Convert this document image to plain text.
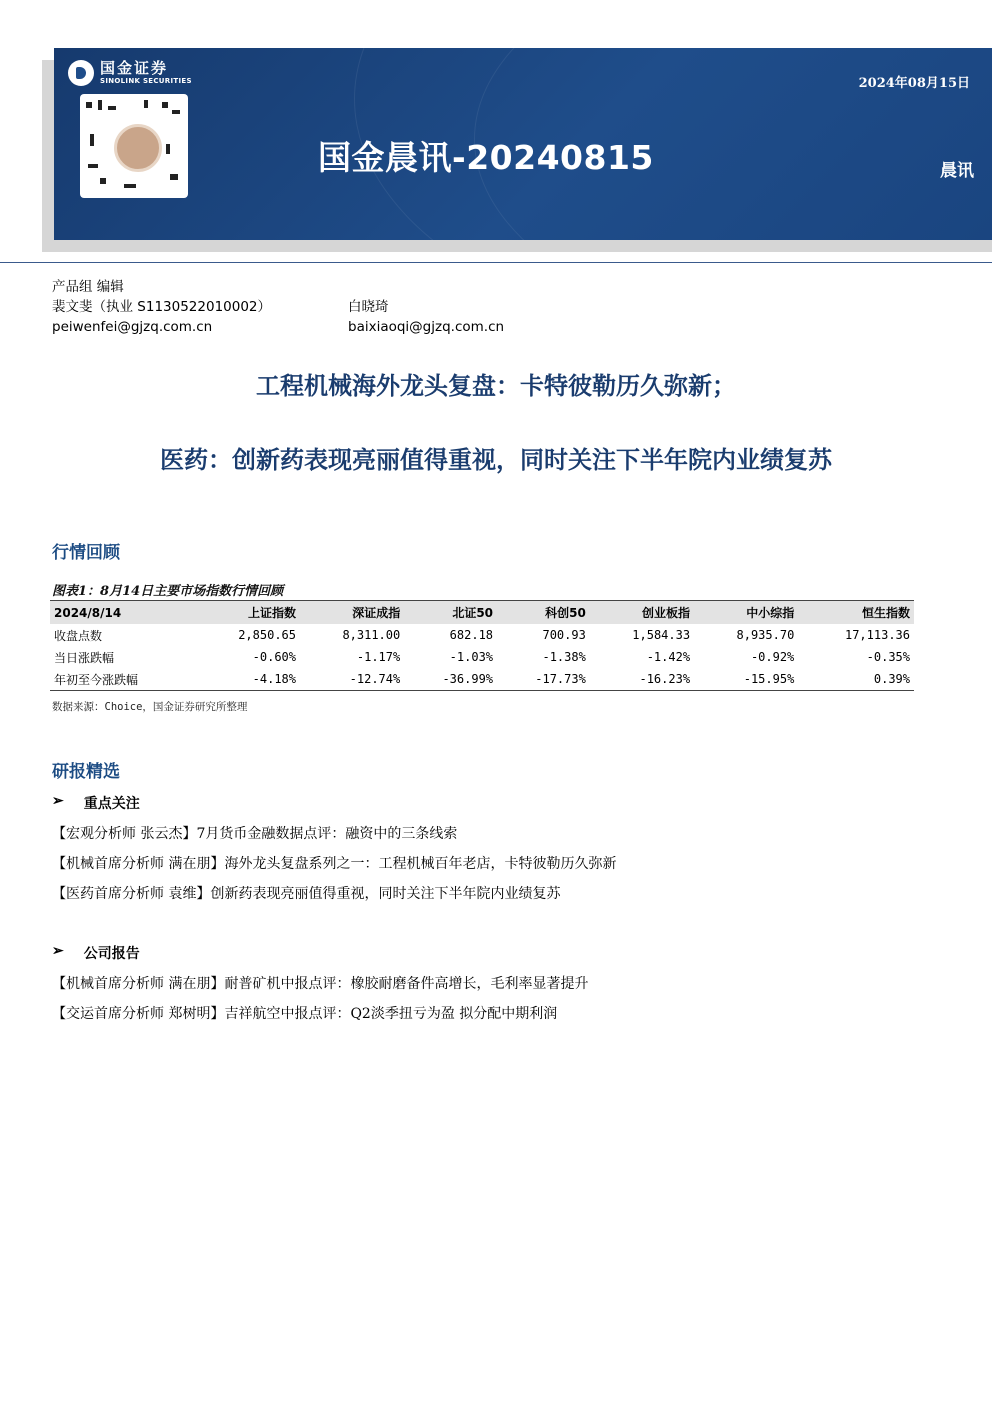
国金证券
SINOLINK SECURITIES	2024年08月15日
国金晨讯-20240815	晨讯
产品组 编辑
裴文斐（执业 S1130522010002）	白晓琦
peiwenfei@gjzq.com.cn	baixiaoqi@gjzq.com.cn
工程机械海外龙头复盘：卡特彼勒历久弥新；
医药：创新药表现亮丽值得重视，同时关注下半年院内业绩复苏
行情回顾
图表1：8月14日主要市场指数行情回顾
2024/8/14	上证指数	深证成指	北证50	科创50	创业板指	中小综指	恒生指数
收盘点数	2,850.65	8,311.00	682.18	700.93	1,584.33	8,935.70	17,113.36
当日涨跌幅	-0.60%	-1.17%	-1.03%	-1.38%	-1.42%	-0.92%	-0.35%
年初至今涨跌幅	-4.18%	-12.74%	-36.99%	-17.73%	-16.23%	-15.95%	0.39%
数据来源：Choice，国金证券研究所整理
研报精选
➢ 重点关注
【宏观分析师 张云杰】7月货币金融数据点评：融资中的三条线索
【机械首席分析师 满在朋】海外龙头复盘系列之一：工程机械百年老店，卡特彼勒历久弥新
【医药首席分析师 袁维】创新药表现亮丽值得重视，同时关注下半年院内业绩复苏
➢ 公司报告
【机械首席分析师 满在朋】耐普矿机中报点评：橡胶耐磨备件高增长，毛利率显著提升
【交运首席分析师 郑树明】吉祥航空中报点评：Q2淡季扭亏为盈 拟分配中期利润
